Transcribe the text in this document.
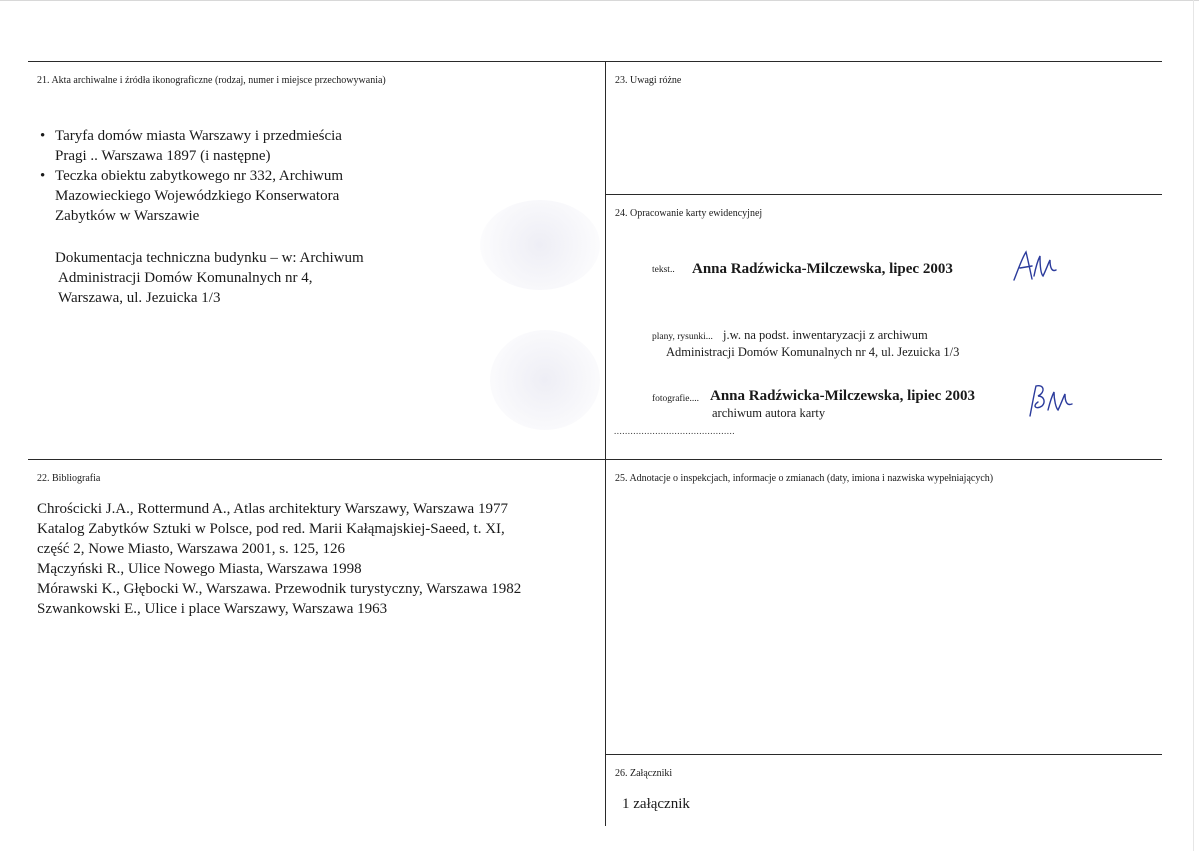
21. Akta archiwalne i źródła ikonograficzne (rodzaj, numer i miejsce przechowywania)
• Taryfa domów miasta Warszawy i przedmieścia
Pragi .. Warszawa 1897 (i następne)
• Teczka obiektu zabytkowego nr 332, Archiwum
Mazowieckiego Wojewódzkiego Konserwatora
Zabytków w Warszawie
Dokumentacja techniczna budynku – w: Archiwum
Administracji Domów Komunalnych nr 4,
Warszawa, ul. Jezuicka 1/3
23. Uwagi różne
24. Opracowanie karty ewidencyjnej
tekst.. Anna Radźwicka-Milczewska, lipec 2003
plany, rysunki... j.w. na podst. inwentaryzacji z archiwum
Administracji Domów Komunalnych nr 4, ul. Jezuicka 1/3
fotografie.... Anna Radźwicka-Milczewska, lipiec 2003
archiwum autora karty
............................................
22. Bibliografia
Chrościcki J.A., Rottermund A., Atlas architektury Warszawy, Warszawa 1977
Katalog Zabytków Sztuki w Polsce, pod red. Marii Kałąmajskiej-Saeed, t. XI,
część 2, Nowe Miasto, Warszawa 2001, s. 125, 126
Mączyński R., Ulice Nowego Miasta, Warszawa 1998
Mórawski K., Głębocki W., Warszawa. Przewodnik turystyczny, Warszawa 1982
Szwankowski E., Ulice i place Warszawy, Warszawa 1963
25. Adnotacje o inspekcjach, informacje o zmianach (daty, imiona i nazwiska wypełniających)
26. Załączniki
1 załącznik
